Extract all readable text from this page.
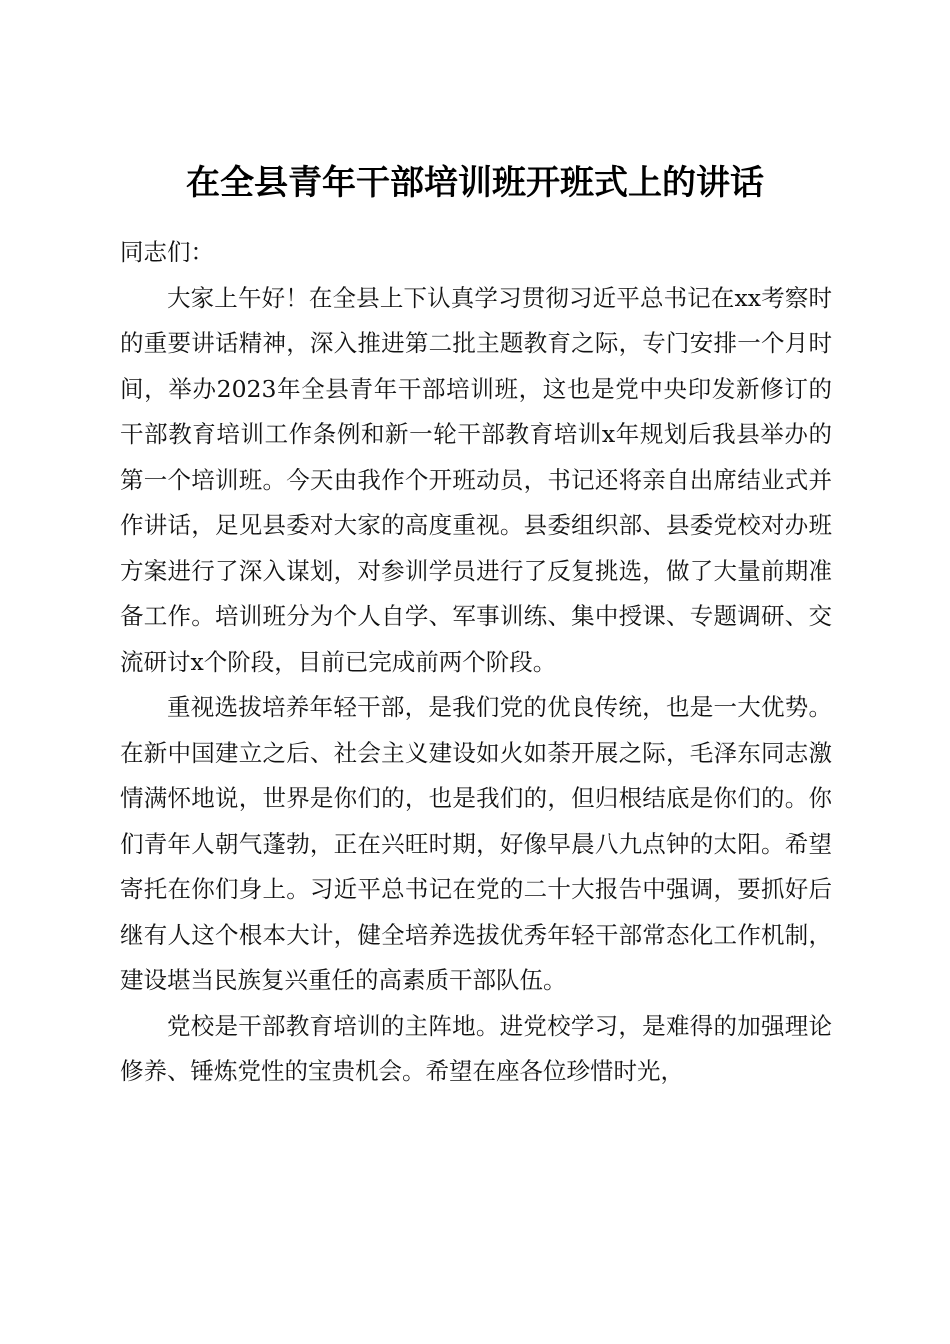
在全县青年干部培训班开班式上的讲话

同志们：

大家上午好！在全县上下认真学习贯彻习近平总书记在xx考察时的重要讲话精神，深入推进第二批主题教育之际，专门安排一个月时间，举办2023年全县青年干部培训班，这也是党中央印发新修订的干部教育培训工作条例和新一轮干部教育培训x年规划后我县举办的第一个培训班。今天由我作个开班动员，书记还将亲自出席结业式并作讲话，足见县委对大家的高度重视。县委组织部、县委党校对办班方案进行了深入谋划，对参训学员进行了反复挑选，做了大量前期准备工作。培训班分为个人自学、军事训练、集中授课、专题调研、交流研讨x个阶段，目前已完成前两个阶段。

重视选拔培养年轻干部，是我们党的优良传统，也是一大优势。在新中国建立之后、社会主义建设如火如荼开展之际，毛泽东同志激情满怀地说，世界是你们的，也是我们的，但归根结底是你们的。你们青年人朝气蓬勃，正在兴旺时期，好像早晨八九点钟的太阳。希望寄托在你们身上。习近平总书记在党的二十大报告中强调，要抓好后继有人这个根本大计，健全培养选拔优秀年轻干部常态化工作机制，建设堪当民族复兴重任的高素质干部队伍。

党校是干部教育培训的主阵地。进党校学习，是难得的加强理论修养、锤炼党性的宝贵机会。希望在座各位珍惜时光，
